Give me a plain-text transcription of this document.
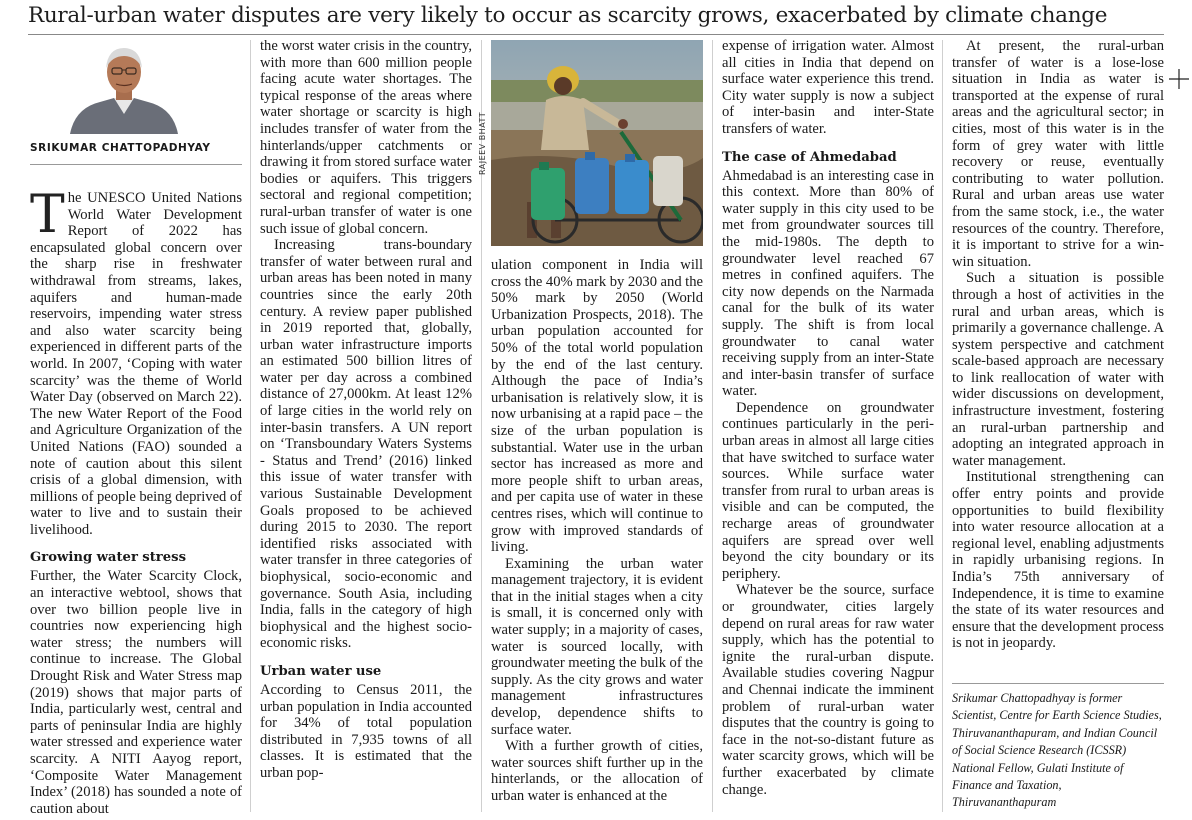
Rural-urban water disputes are very likely to occur as scarcity grows, exacerbated by climate change
SRIKUMAR CHATTOPADHYAY

The UNESCO United Nations World Water Development Report of 2022 has encapsulated global concern over the sharp rise in freshwater withdrawal from streams, lakes, aquifers and human-made reservoirs, impending water stress and also water scarcity being experienced in different parts of the world. In 2007, ‘Coping with water scarcity’ was the theme of World Water Day (observed on March 22). The new Water Report of the Food and Agriculture Organization of the United Nations (FAO) sounded a note of caution about this silent crisis of a global dimension, with millions of people being deprived of water to live and to sustain their livelihood.

Growing water stress

Further, the Water Scarcity Clock, an interactive webtool, shows that over two billion people live in countries now experiencing high water stress; the numbers will continue to increase. The Global Drought Risk and Water Stress map (2019) shows that major parts of India, particularly west, central and parts of peninsular India are highly water stressed and experience water scarcity. A NITI Aayog report, ‘Composite Water Management Index’ (2018) has sounded a note of caution about

the worst water crisis in the country, with more than 600 million people facing acute water shortages. The typical response of the areas where water shortage or scarcity is high includes transfer of water from the hinterlands/upper catchments or drawing it from stored surface water bodies or aquifers. This triggers sectoral and regional competition; rural-urban transfer of water is one such issue of global concern.

Increasing trans-boundary transfer of water between rural and urban areas has been noted in many countries since the early 20th century. A review paper published in 2019 reported that, globally, urban water infrastructure imports an estimated 500 billion litres of water per day across a combined distance of 27,000km. At least 12% of large cities in the world rely on inter-basin transfers. A UN report on ‘Transboundary Waters Systems - Status and Trend’ (2016) linked this issue of water transfer with various Sustainable Development Goals proposed to be achieved during 2015 to 2030. The report identified risks associated with water transfer in three categories of biophysical, socio-economic and governance. South Asia, including India, falls in the category of high biophysical and the highest socio-economic risks.

Urban water use

According to Census 2011, the urban population in India accounted for 34% of total population distributed in 7,935 towns of all classes. It is estimated that the urban pop-

RAJEEV BHATT

ulation component in India will cross the 40% mark by 2030 and the 50% mark by 2050 (World Urbanization Prospects, 2018). The urban population accounted for 50% of the total world population by the end of the last century. Although the pace of India’s urbanisation is relatively slow, it is now urbanising at a rapid pace – the size of the urban population is substantial. Water use in the urban sector has increased as more and more people shift to urban areas, and per capita use of water in these centres rises, which will continue to grow with improved standards of living.

Examining the urban water management trajectory, it is evident that in the initial stages when a city is small, it is concerned only with water supply; in a majority of cases, water is sourced locally, with groundwater meeting the bulk of the supply. As the city grows and water management infrastructures develop, dependence shifts to surface water.

With a further growth of cities, water sources shift further up in the hinterlands, or the allocation of urban water is enhanced at the

expense of irrigation water. Almost all cities in India that depend on surface water experience this trend. City water supply is now a subject of inter-basin and inter-State transfers of water.

The case of Ahmedabad

Ahmedabad is an interesting case in this context. More than 80% of water supply in this city used to be met from groundwater sources till the mid-1980s. The depth to groundwater level reached 67 metres in confined aquifers. The city now depends on the Narmada canal for the bulk of its water supply. The shift is from local groundwater to canal water receiving supply from an inter-State and inter-basin transfer of surface water.

Dependence on groundwater continues particularly in the peri-urban areas in almost all large cities that have switched to surface water sources. While surface water transfer from rural to urban areas is visible and can be computed, the recharge areas of groundwater aquifers are spread over well beyond the city boundary or its periphery.

Whatever be the source, surface or groundwater, cities largely depend on rural areas for raw water supply, which has the potential to ignite the rural-urban dispute. Available studies covering Nagpur and Chennai indicate the imminent problem of rural-urban water disputes that the country is going to face in the not-so-distant future as water scarcity grows, which will be further exacerbated by climate change.

At present, the rural-urban transfer of water is a lose-lose situation in India as water is transported at the expense of rural areas and the agricultural sector; in cities, most of this water is in the form of grey water with little recovery or reuse, eventually contributing to water pollution. Rural and urban areas use water from the same stock, i.e., the water resources of the country. Therefore, it is important to strive for a win-win situation.

Such a situation is possible through a host of activities in the rural and urban areas, which is primarily a governance challenge. A system perspective and catchment scale-based approach are necessary to link reallocation of water with wider discussions on development, infrastructure investment, fostering an rural-urban partnership and adopting an integrated approach in water management.

Institutional strengthening can offer entry points and provide opportunities to build flexibility into water resource allocation at a regional level, enabling adjustments in rapidly urbanising regions. In India’s 75th anniversary of Independence, it is time to examine the state of its water resources and ensure that the development process is not in jeopardy.

Srikumar Chattopadhyay is former Scientist, Centre for Earth Science Studies, Thiruvananthapuram, and Indian Council of Social Science Research (ICSSR) National Fellow, Gulati Institute of Finance and Taxation, Thiruvananthapuram
